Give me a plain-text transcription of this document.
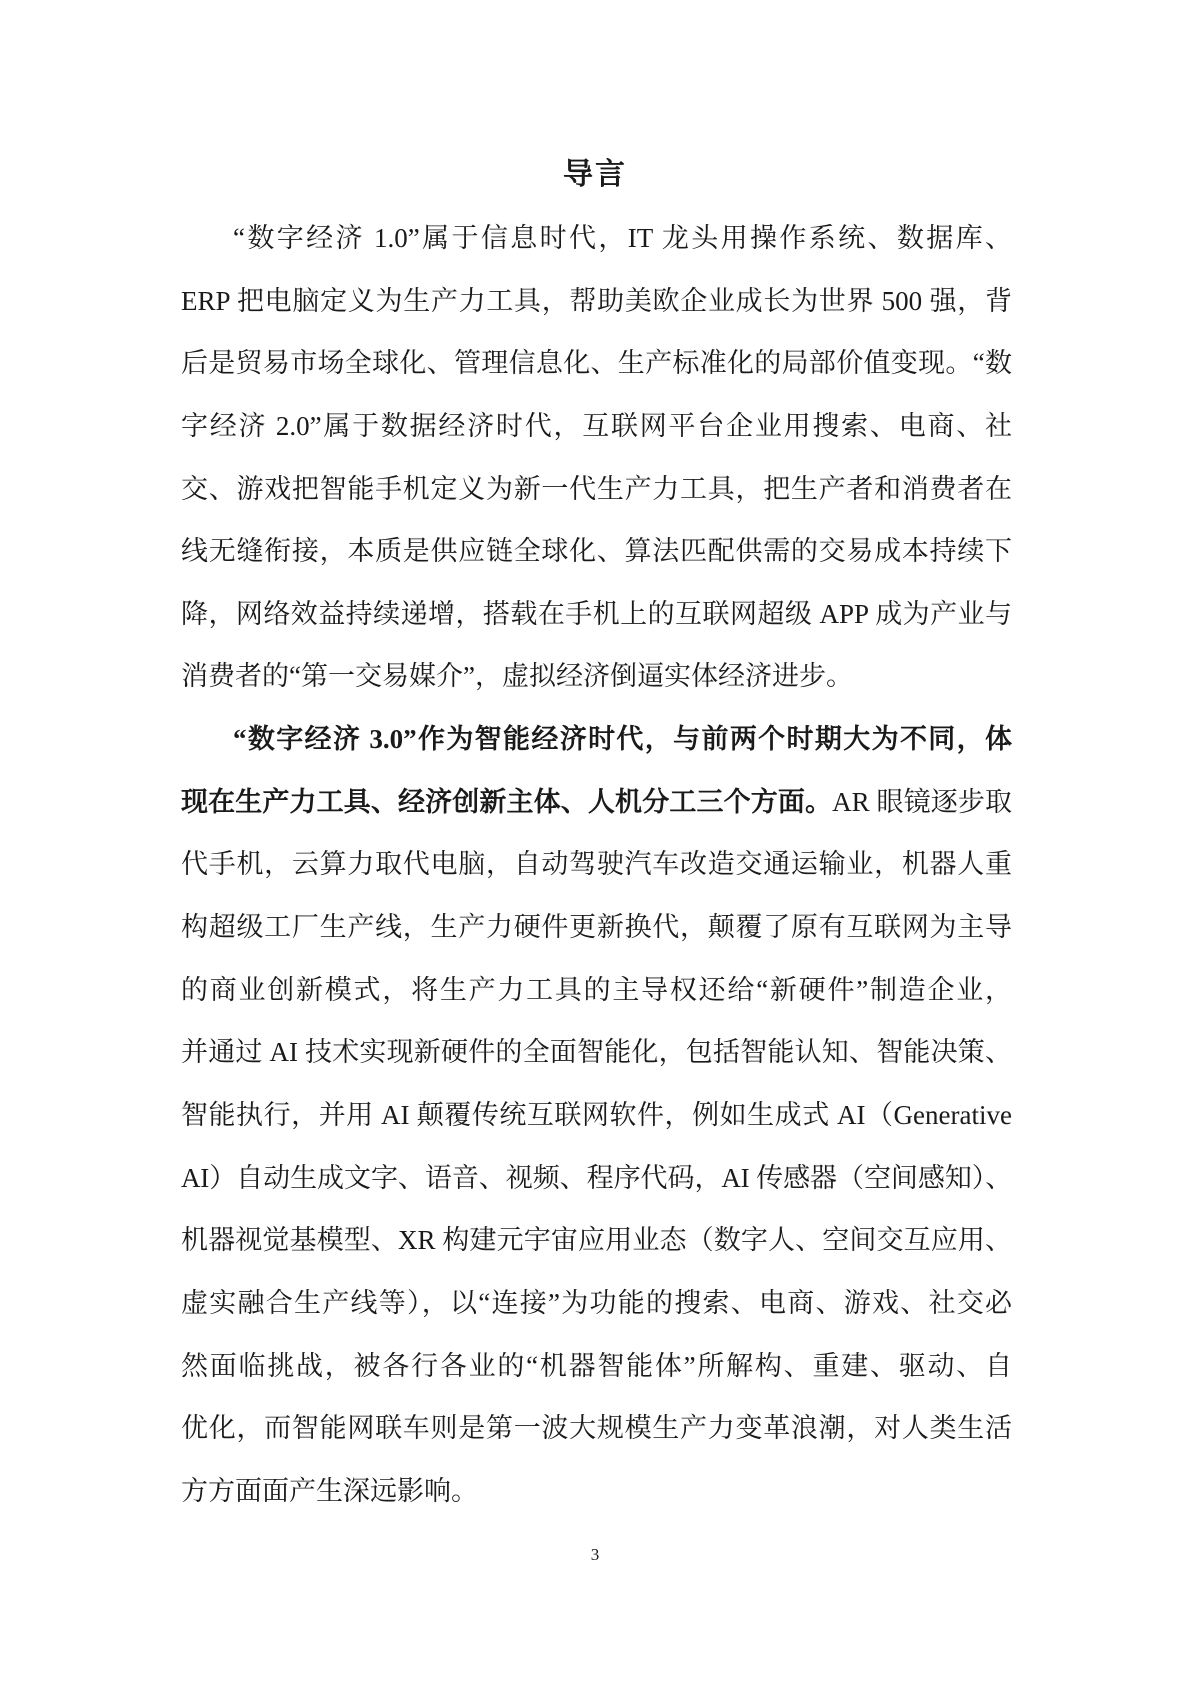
导言
“数字经济 1.0”属于信息时代，IT 龙头用操作系统、数据库、
ERP 把电脑定义为生产力工具，帮助美欧企业成长为世界 500 强，背
后是贸易市场全球化、管理信息化、生产标准化的局部价值变现。“数
字经济 2.0”属于数据经济时代，互联网平台企业用搜索、电商、社
交、游戏把智能手机定义为新一代生产力工具，把生产者和消费者在
线无缝衔接，本质是供应链全球化、算法匹配供需的交易成本持续下
降，网络效益持续递增，搭载在手机上的互联网超级 APP 成为产业与
消费者的“第一交易媒介”，虚拟经济倒逼实体经济进步。
“数字经济 3.0”作为智能经济时代，与前两个时期大为不同，体
现在生产力工具、经济创新主体、人机分工三个方面。AR 眼镜逐步取
代手机，云算力取代电脑，自动驾驶汽车改造交通运输业，机器人重
构超级工厂生产线，生产力硬件更新换代，颠覆了原有互联网为主导
的商业创新模式，将生产力工具的主导权还给“新硬件”制造企业，
并通过 AI 技术实现新硬件的全面智能化，包括智能认知、智能决策、
智能执行，并用 AI 颠覆传统互联网软件，例如生成式 AI（Generative
AI）自动生成文字、语音、视频、程序代码，AI 传感器（空间感知）、
机器视觉基模型、XR 构建元宇宙应用业态（数字人、空间交互应用、
虚实融合生产线等），以“连接”为功能的搜索、电商、游戏、社交必
然面临挑战，被各行各业的“机器智能体”所解构、重建、驱动、自
优化，而智能网联车则是第一波大规模生产力变革浪潮，对人类生活
方方面面产生深远影响。
3
